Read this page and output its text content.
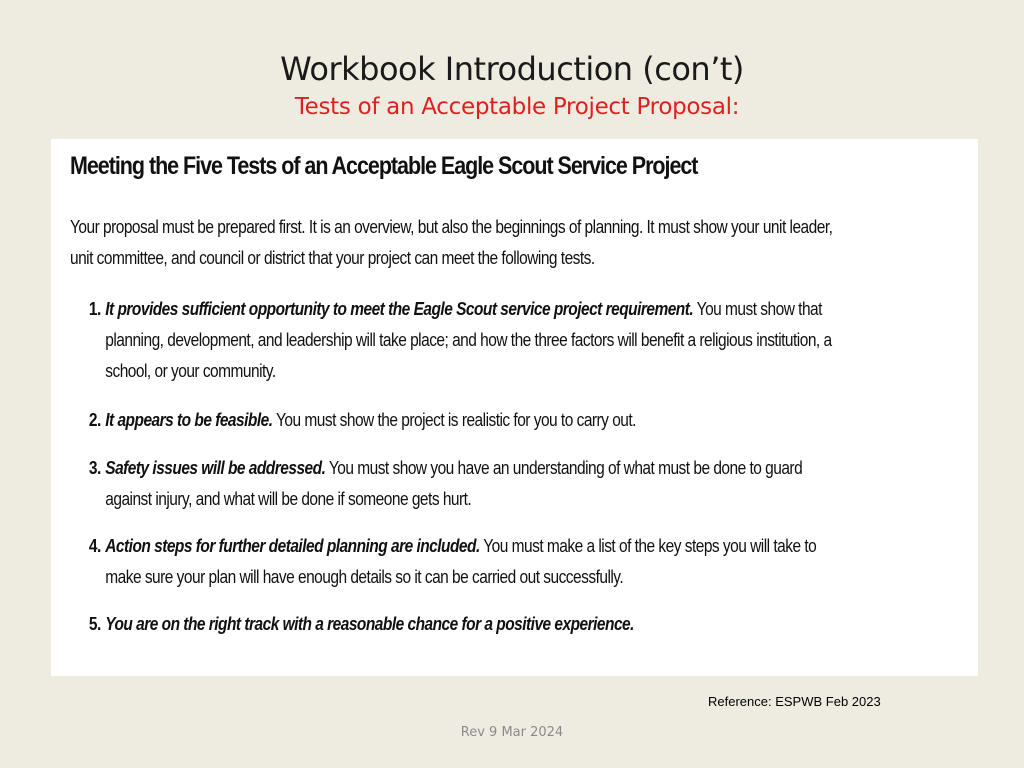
Workbook Introduction (con’t)
Tests of an Acceptable Project Proposal:
Meeting the Five Tests of an Acceptable Eagle Scout Service Project
Your proposal must be prepared first. It is an overview, but also the beginnings of planning. It must show your unit leader,
unit committee, and council or district that your project can meet the following tests.
1. It provides sufficient opportunity to meet the Eagle Scout service project requirement. You must show that
planning, development, and leadership will take place; and how the three factors will benefit a religious institution, a
school, or your community.
2. It appears to be feasible. You must show the project is realistic for you to carry out.
3. Safety issues will be addressed. You must show you have an understanding of what must be done to guard
against injury, and what will be done if someone gets hurt.
4. Action steps for further detailed planning are included. You must make a list of the key steps you will take to
make sure your plan will have enough details so it can be carried out successfully.
5. You are on the right track with a reasonable chance for a positive experience.
Reference: ESPWB Feb 2023
Rev 9 Mar 2024
